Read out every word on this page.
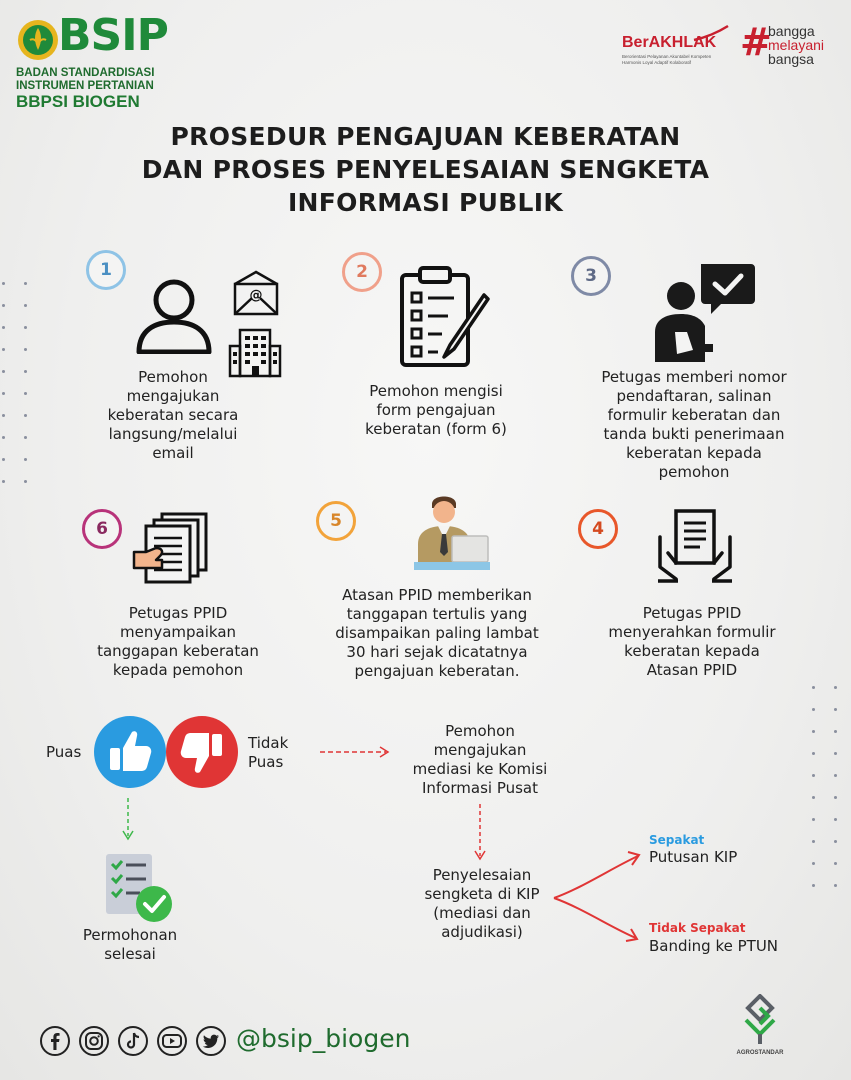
BSIP
BADAN STANDARDISASI
INSTRUMEN PERTANIAN
BBPSI BIOGEN
BerAKHLAK
Berorientasi Pelayanan Akuntabel Kompeten
Harmonis Loyal Adaptif Kolaboratif #
bangga
melayani
bangsa
PROSEDUR PENGAJUAN KEBERATAN
DAN PROSES PENYELESAIAN SENGKETA
INFORMASI PUBLIK
1
@
Pemohon
mengajukan
keberatan secara
langsung/melalui
email
2
Pemohon mengisi
form pengajuan
keberatan (form 6)
3
Petugas memberi nomor
pendaftaran, salinan
formulir keberatan dan
tanda bukti penerimaan
keberatan kepada
pemohon
6
Petugas PPID
menyampaikan
tanggapan keberatan
kepada pemohon
5
Atasan PPID memberikan
tanggapan tertulis yang
disampaikan paling lambat
30 hari sejak dicatatnya
pengajuan keberatan.
4
Petugas PPID
menyerahkan formulir
keberatan kepada
Atasan PPID
Puas	Tidak
Puas
Permohonan
selesai
Pemohon
mengajukan
mediasi ke Komisi
Informasi Pusat
Penyelesaian
sengketa di KIP
(mediasi dan
adjudikasi)
Sepakat
Putusan KIP
Tidak Sepakat
Banding ke PTUN
@bsip_biogen	AGROSTANDAR
